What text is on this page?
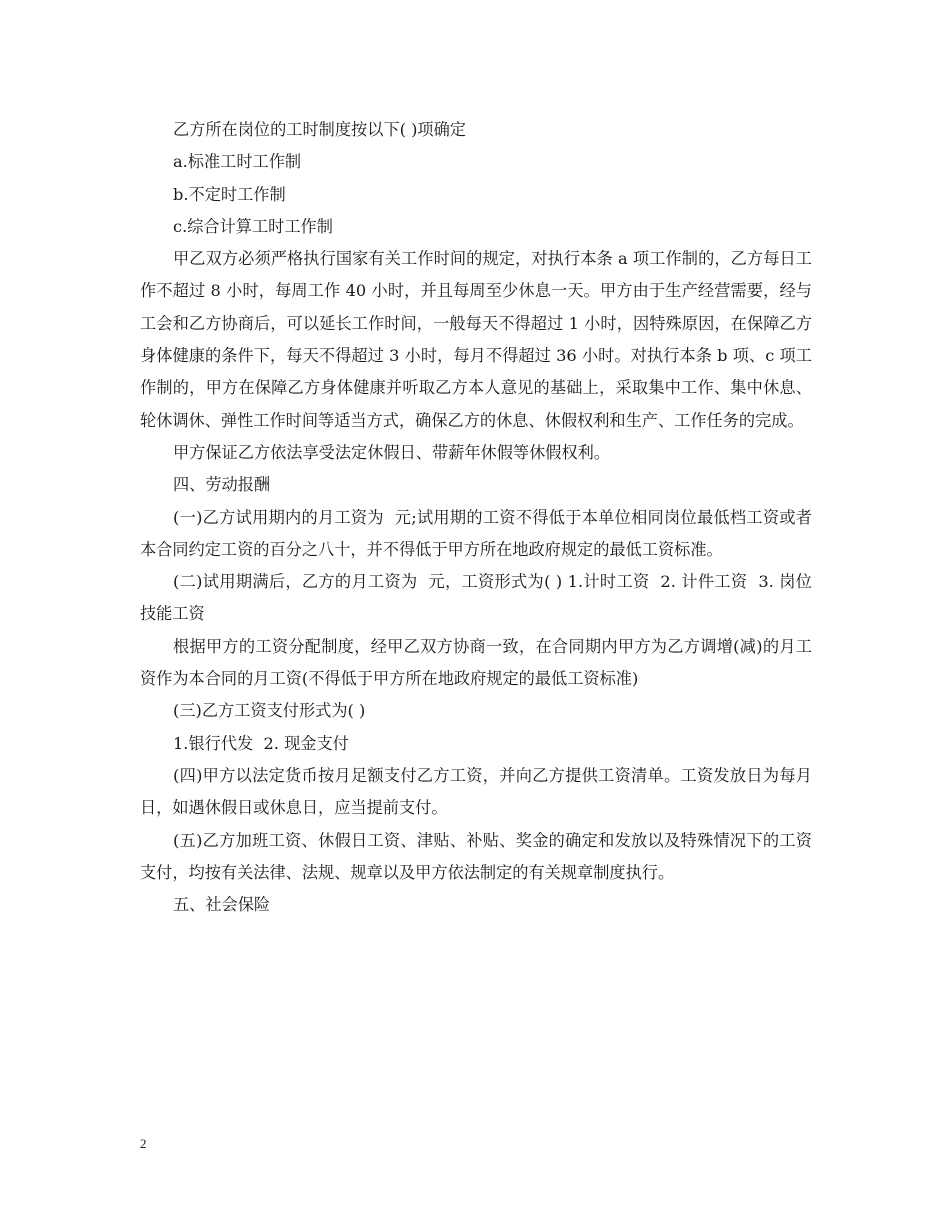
乙方所在岗位的工时制度按以下( )项确定

a.标准工时工作制

b.不定时工作制

c.综合计算工时工作制

甲乙双方必须严格执行国家有关工作时间的规定，对执行本条 a 项工作制的，乙方每日工作不超过 8 小时，每周工作 40 小时，并且每周至少休息一天。甲方由于生产经营需要，经与工会和乙方协商后，可以延长工作时间，一般每天不得超过 1 小时，因特殊原因，在保障乙方身体健康的条件下，每天不得超过 3 小时，每月不得超过 36 小时。对执行本条 b 项、c 项工作制的，甲方在保障乙方身体健康并听取乙方本人意见的基础上，采取集中工作、集中休息、轮休调休、弹性工作时间等适当方式，确保乙方的休息、休假权利和生产、工作任务的完成。

甲方保证乙方依法享受法定休假日、带薪年休假等休假权利。

四、劳动报酬

(一)乙方试用期内的月工资为  元;试用期的工资不得低于本单位相同岗位最低档工资或者本合同约定工资的百分之八十，并不得低于甲方所在地政府规定的最低工资标准。

(二)试用期满后，乙方的月工资为  元，工资形式为( ) 1.计时工资  2. 计件工资  3. 岗位技能工资

根据甲方的工资分配制度，经甲乙双方协商一致，在合同期内甲方为乙方调增(减)的月工资作为本合同的月工资(不得低于甲方所在地政府规定的最低工资标准)

(三)乙方工资支付形式为( )

1.银行代发  2. 现金支付

(四)甲方以法定货币按月足额支付乙方工资，并向乙方提供工资清单。工资发放日为每月  日，如遇休假日或休息日，应当提前支付。

(五)乙方加班工资、休假日工资、津贴、补贴、奖金的确定和发放以及特殊情况下的工资支付，均按有关法律、法规、规章以及甲方依法制定的有关规章制度执行。

五、社会保险

2
